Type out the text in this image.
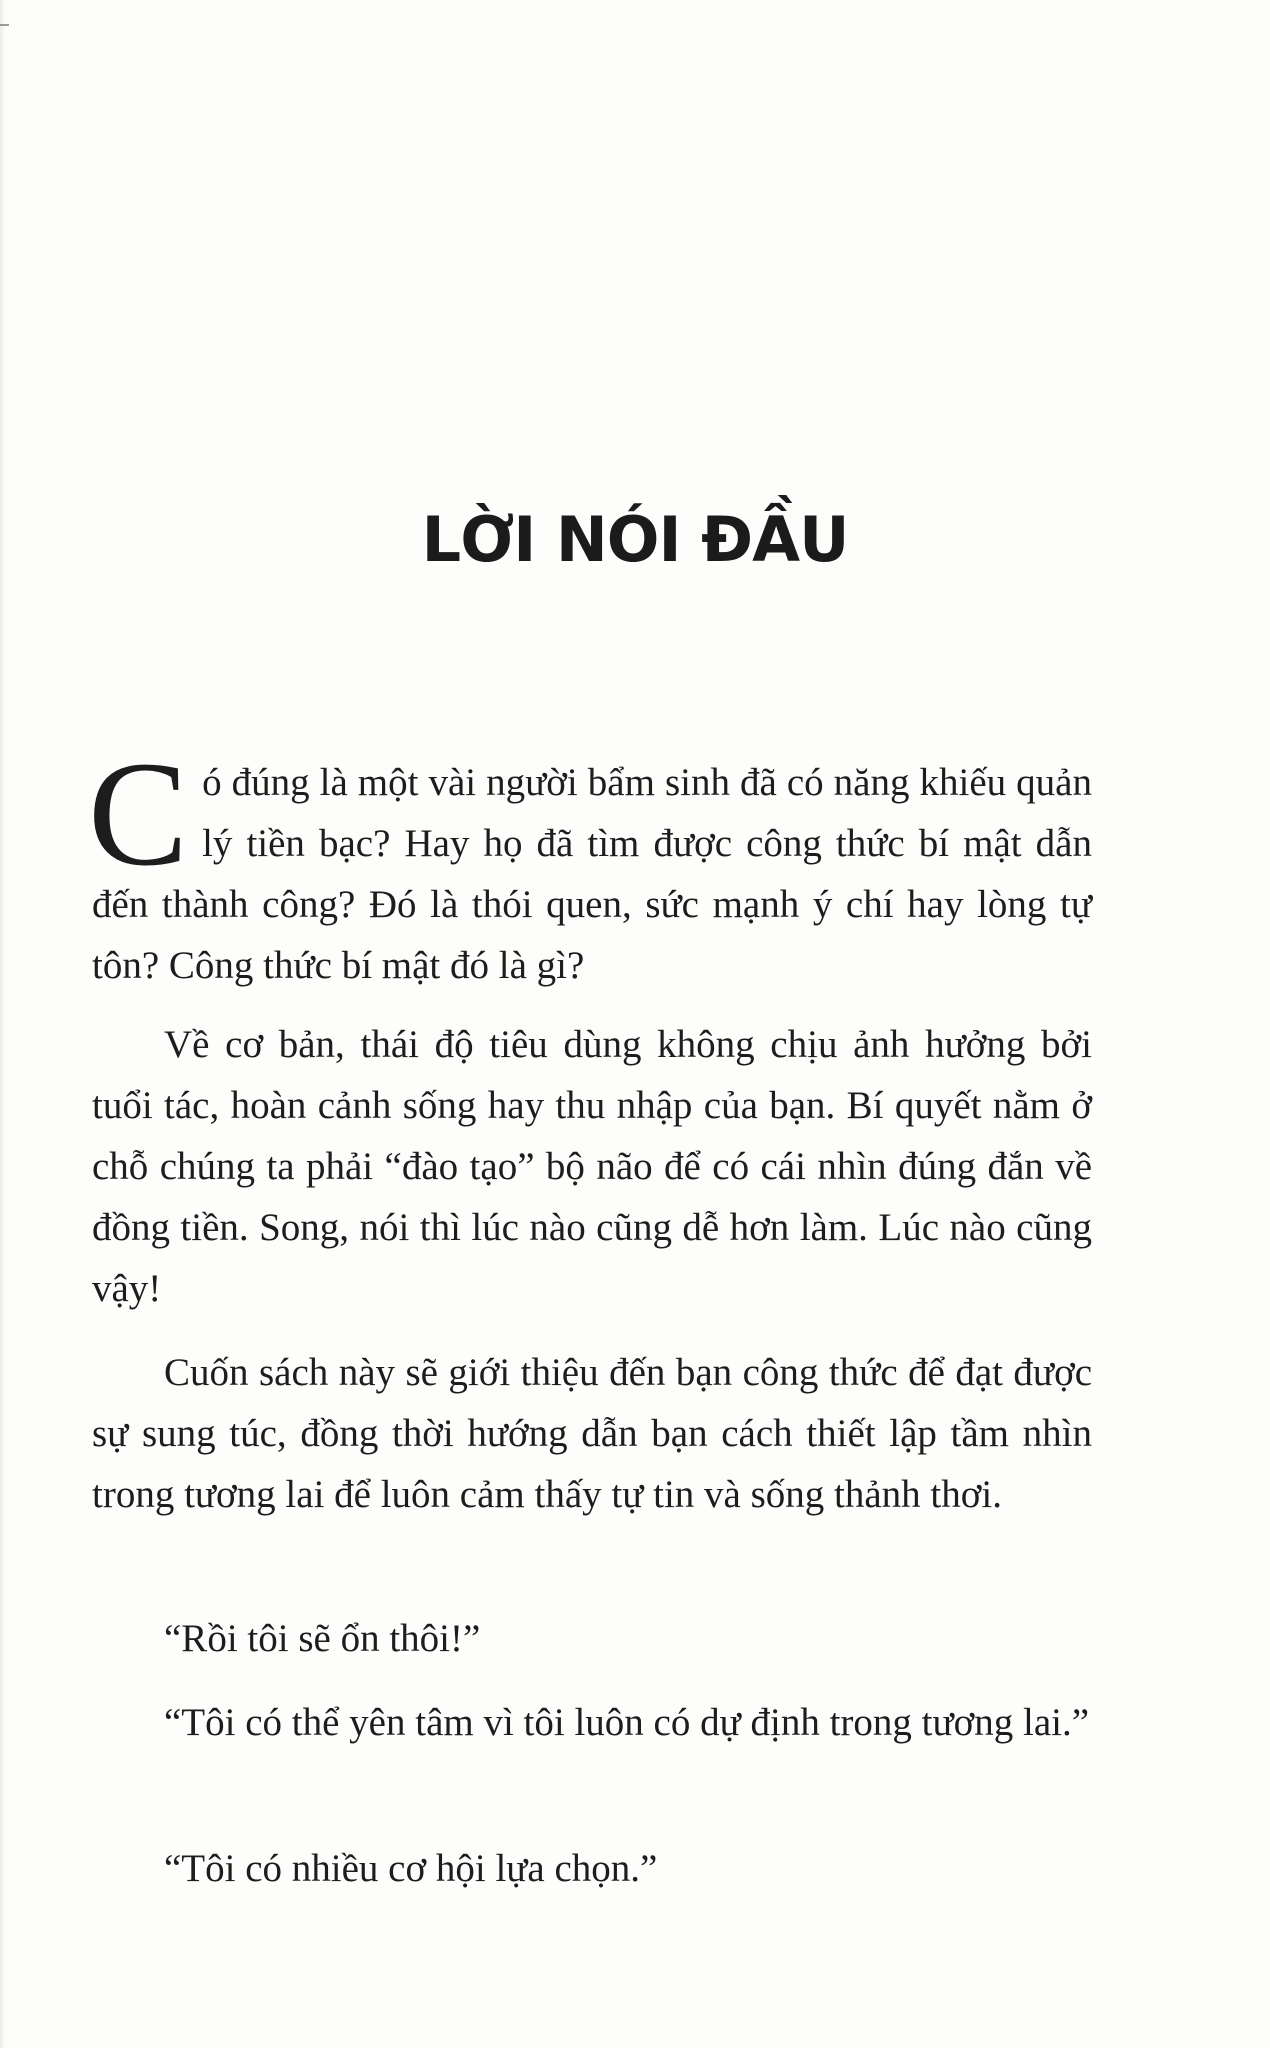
LỜI NÓI ĐẦU

Có đúng là một vài người bẩm sinh đã có năng khiếu quản lý tiền bạc? Hay họ đã tìm được công thức bí mật dẫn đến thành công? Đó là thói quen, sức mạnh ý chí hay lòng tự tôn? Công thức bí mật đó là gì?

Về cơ bản, thái độ tiêu dùng không chịu ảnh hưởng bởi tuổi tác, hoàn cảnh sống hay thu nhập của bạn. Bí quyết nằm ở chỗ chúng ta phải “đào tạo” bộ não để có cái nhìn đúng đắn về đồng tiền. Song, nói thì lúc nào cũng dễ hơn làm. Lúc nào cũng vậy!

Cuốn sách này sẽ giới thiệu đến bạn công thức để đạt được sự sung túc, đồng thời hướng dẫn bạn cách thiết lập tầm nhìn trong tương lai để luôn cảm thấy tự tin và sống thảnh thơi.

“Rồi tôi sẽ ổn thôi!”

“Tôi có thể yên tâm vì tôi luôn có dự định trong tương lai.”

“Tôi có nhiều cơ hội lựa chọn.”
